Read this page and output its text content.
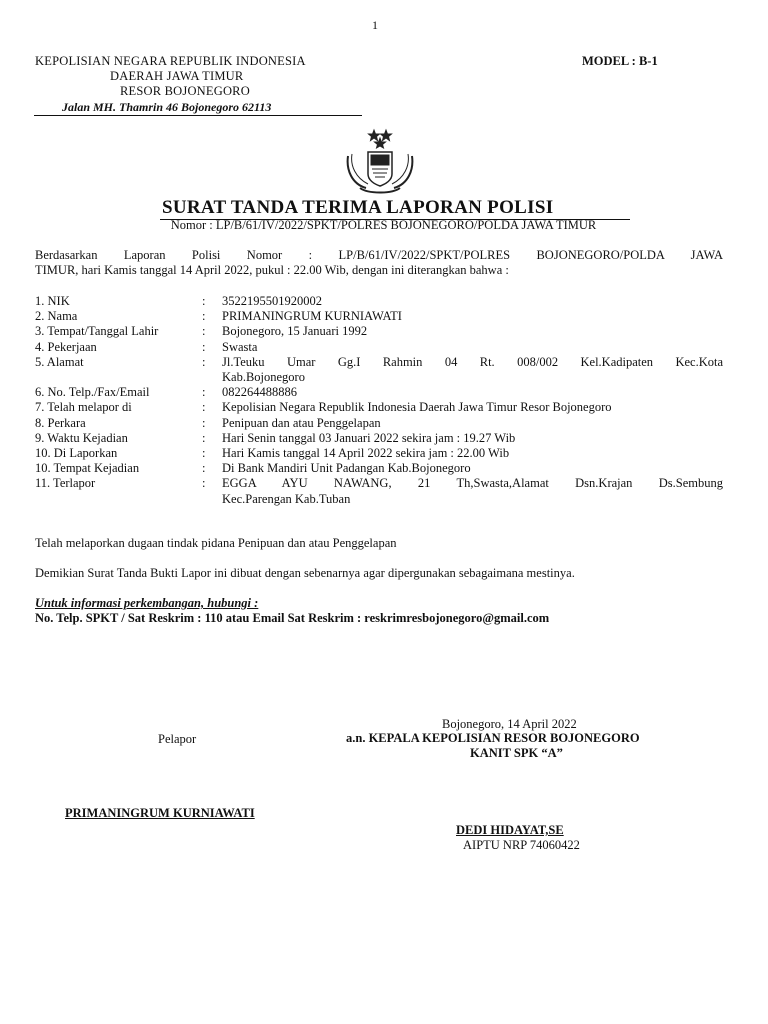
1
KEPOLISIAN NEGARA REPUBLIK INDONESIA
DAERAH JAWA TIMUR
RESOR BOJONEGORO
Jalan MH. Thamrin 46 Bojonegoro 62113
MODEL : B-1
SURAT TANDA TERIMA LAPORAN POLISI
Nomor : LP/B/61/IV/2022/SPKT/POLRES BOJONEGORO/POLDA JAWA TIMUR
Berdasarkan Laporan Polisi Nomor : LP/B/61/IV/2022/SPKT/POLRES BOJONEGORO/POLDA JAWA
TIMUR, hari Kamis tanggal 14 April 2022, pukul : 22.00 Wib, dengan ini diterangkan bahwa :
1. NIK	:	3522195501920002
2. Nama	:	PRIMANINGRUM KURNIAWATI
3. Tempat/Tanggal Lahir	:	Bojonegoro, 15 Januari 1992
4. Pekerjaan	:	Swasta
5. Alamat	:	Jl.Teuku Umar Gg.I Rahmin 04 Rt. 008/002 Kel.Kadipaten Kec.Kota
Kab.Bojonegoro
6. No. Telp./Fax/Email	:	082264488886
7. Telah melapor di	:	Kepolisian Negara Republik Indonesia Daerah Jawa Timur Resor Bojonegoro
8. Perkara	:	Penipuan dan atau Penggelapan
9. Waktu Kejadian	:	Hari Senin tanggal 03 Januari 2022 sekira jam : 19.27 Wib
10. Di Laporkan	:	Hari Kamis tanggal 14 April 2022 sekira jam : 22.00 Wib
10. Tempat Kejadian	:	Di Bank Mandiri Unit Padangan Kab.Bojonegoro
11. Terlapor	:	EGGA AYU NAWANG, 21 Th,Swasta,Alamat Dsn.Krajan Ds.Sembung
Kec.Parengan Kab.Tuban
Telah melaporkan dugaan tindak pidana Penipuan dan atau Penggelapan
Demikian Surat Tanda Bukti Lapor ini dibuat dengan sebenarnya agar dipergunakan sebagaimana mestinya.
Untuk informasi perkembangan, hubungi :
No. Telp. SPKT / Sat Reskrim : 110 atau Email Sat Reskrim : reskrimresbojonegoro@gmail.com
Bojonegoro, 14 April 2022
Pelapor	a.n. KEPALA KEPOLISIAN RESOR BOJONEGORO
KANIT SPK “A”
PRIMANINGRUM KURNIAWATI
DEDI HIDAYAT,SE
AIPTU NRP 74060422
